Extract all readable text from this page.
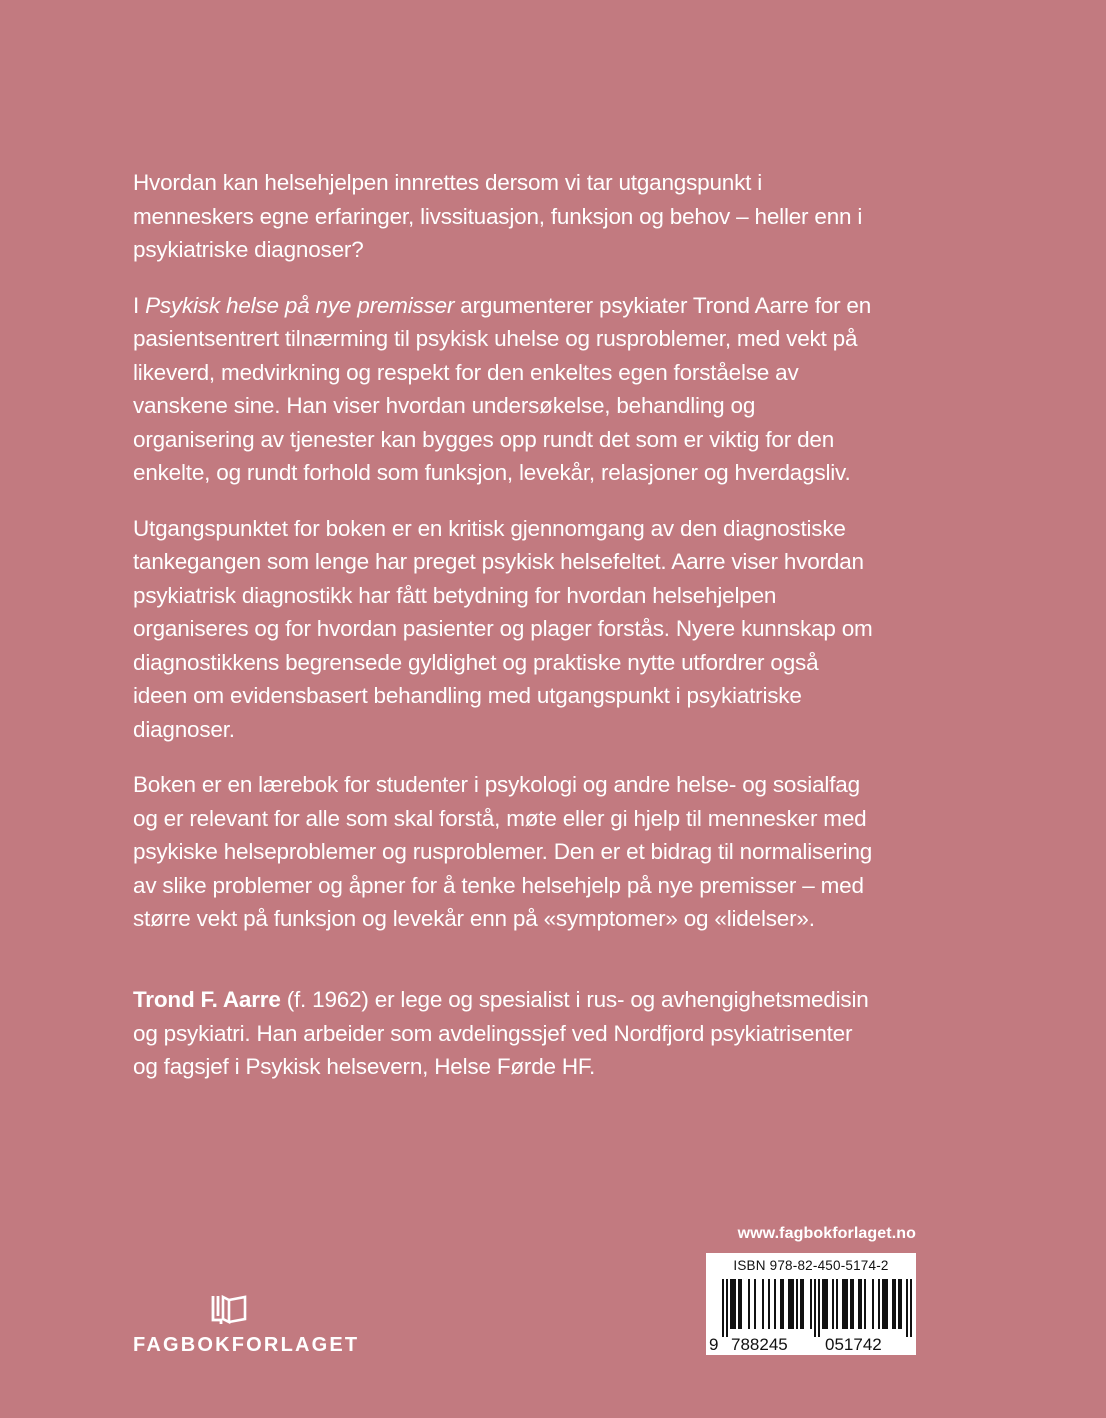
Hvordan kan helsehjelpen innrettes dersom vi tar utgangspunkt i menneskers egne erfaringer, livssituasjon, funksjon og behov – heller enn i psykiatriske diagnoser?

I Psykisk helse på nye premisser argumenterer psykiater Trond Aarre for en pasientsentrert tilnærming til psykisk uhelse og rusproblemer, med vekt på likeverd, medvirkning og respekt for den enkeltes egen forståelse av vanskene sine. Han viser hvordan undersøkelse, behandling og organisering av tjenester kan bygges opp rundt det som er viktig for den enkelte, og rundt forhold som funksjon, levekår, relasjoner og hverdagsliv.

Utgangspunktet for boken er en kritisk gjennomgang av den diagnostiske tankegangen som lenge har preget psykisk helsefeltet. Aarre viser hvordan psykiatrisk diagnostikk har fått betydning for hvordan helsehjelpen organiseres og for hvordan pasienter og plager forstås. Nyere kunnskap om diagnostikkens begrensede gyldighet og praktiske nytte utfordrer også ideen om evidensbasert behandling med utgangspunkt i psykiatriske diagnoser.

Boken er en lærebok for studenter i psykologi og andre helse- og sosialfag og er relevant for alle som skal forstå, møte eller gi hjelp til mennesker med psykiske helseproblemer og rusproblemer. Den er et bidrag til normalisering av slike problemer og åpner for å tenke helsehjelp på nye premisser – med større vekt på funksjon og levekår enn på «symptomer» og «lidelser».

Trond F. Aarre (f. 1962) er lege og spesialist i rus- og avhengighetsmedisin og psykiatri. Han arbeider som avdelingssjef ved Nordfjord psykiatrisenter og fagsjef i Psykisk helsevern, Helse Førde HF.
www.fagbokforlaget.no
ISBN 978-82-450-5174-2
9 788245 051742
FAGBOKFORLAGET
